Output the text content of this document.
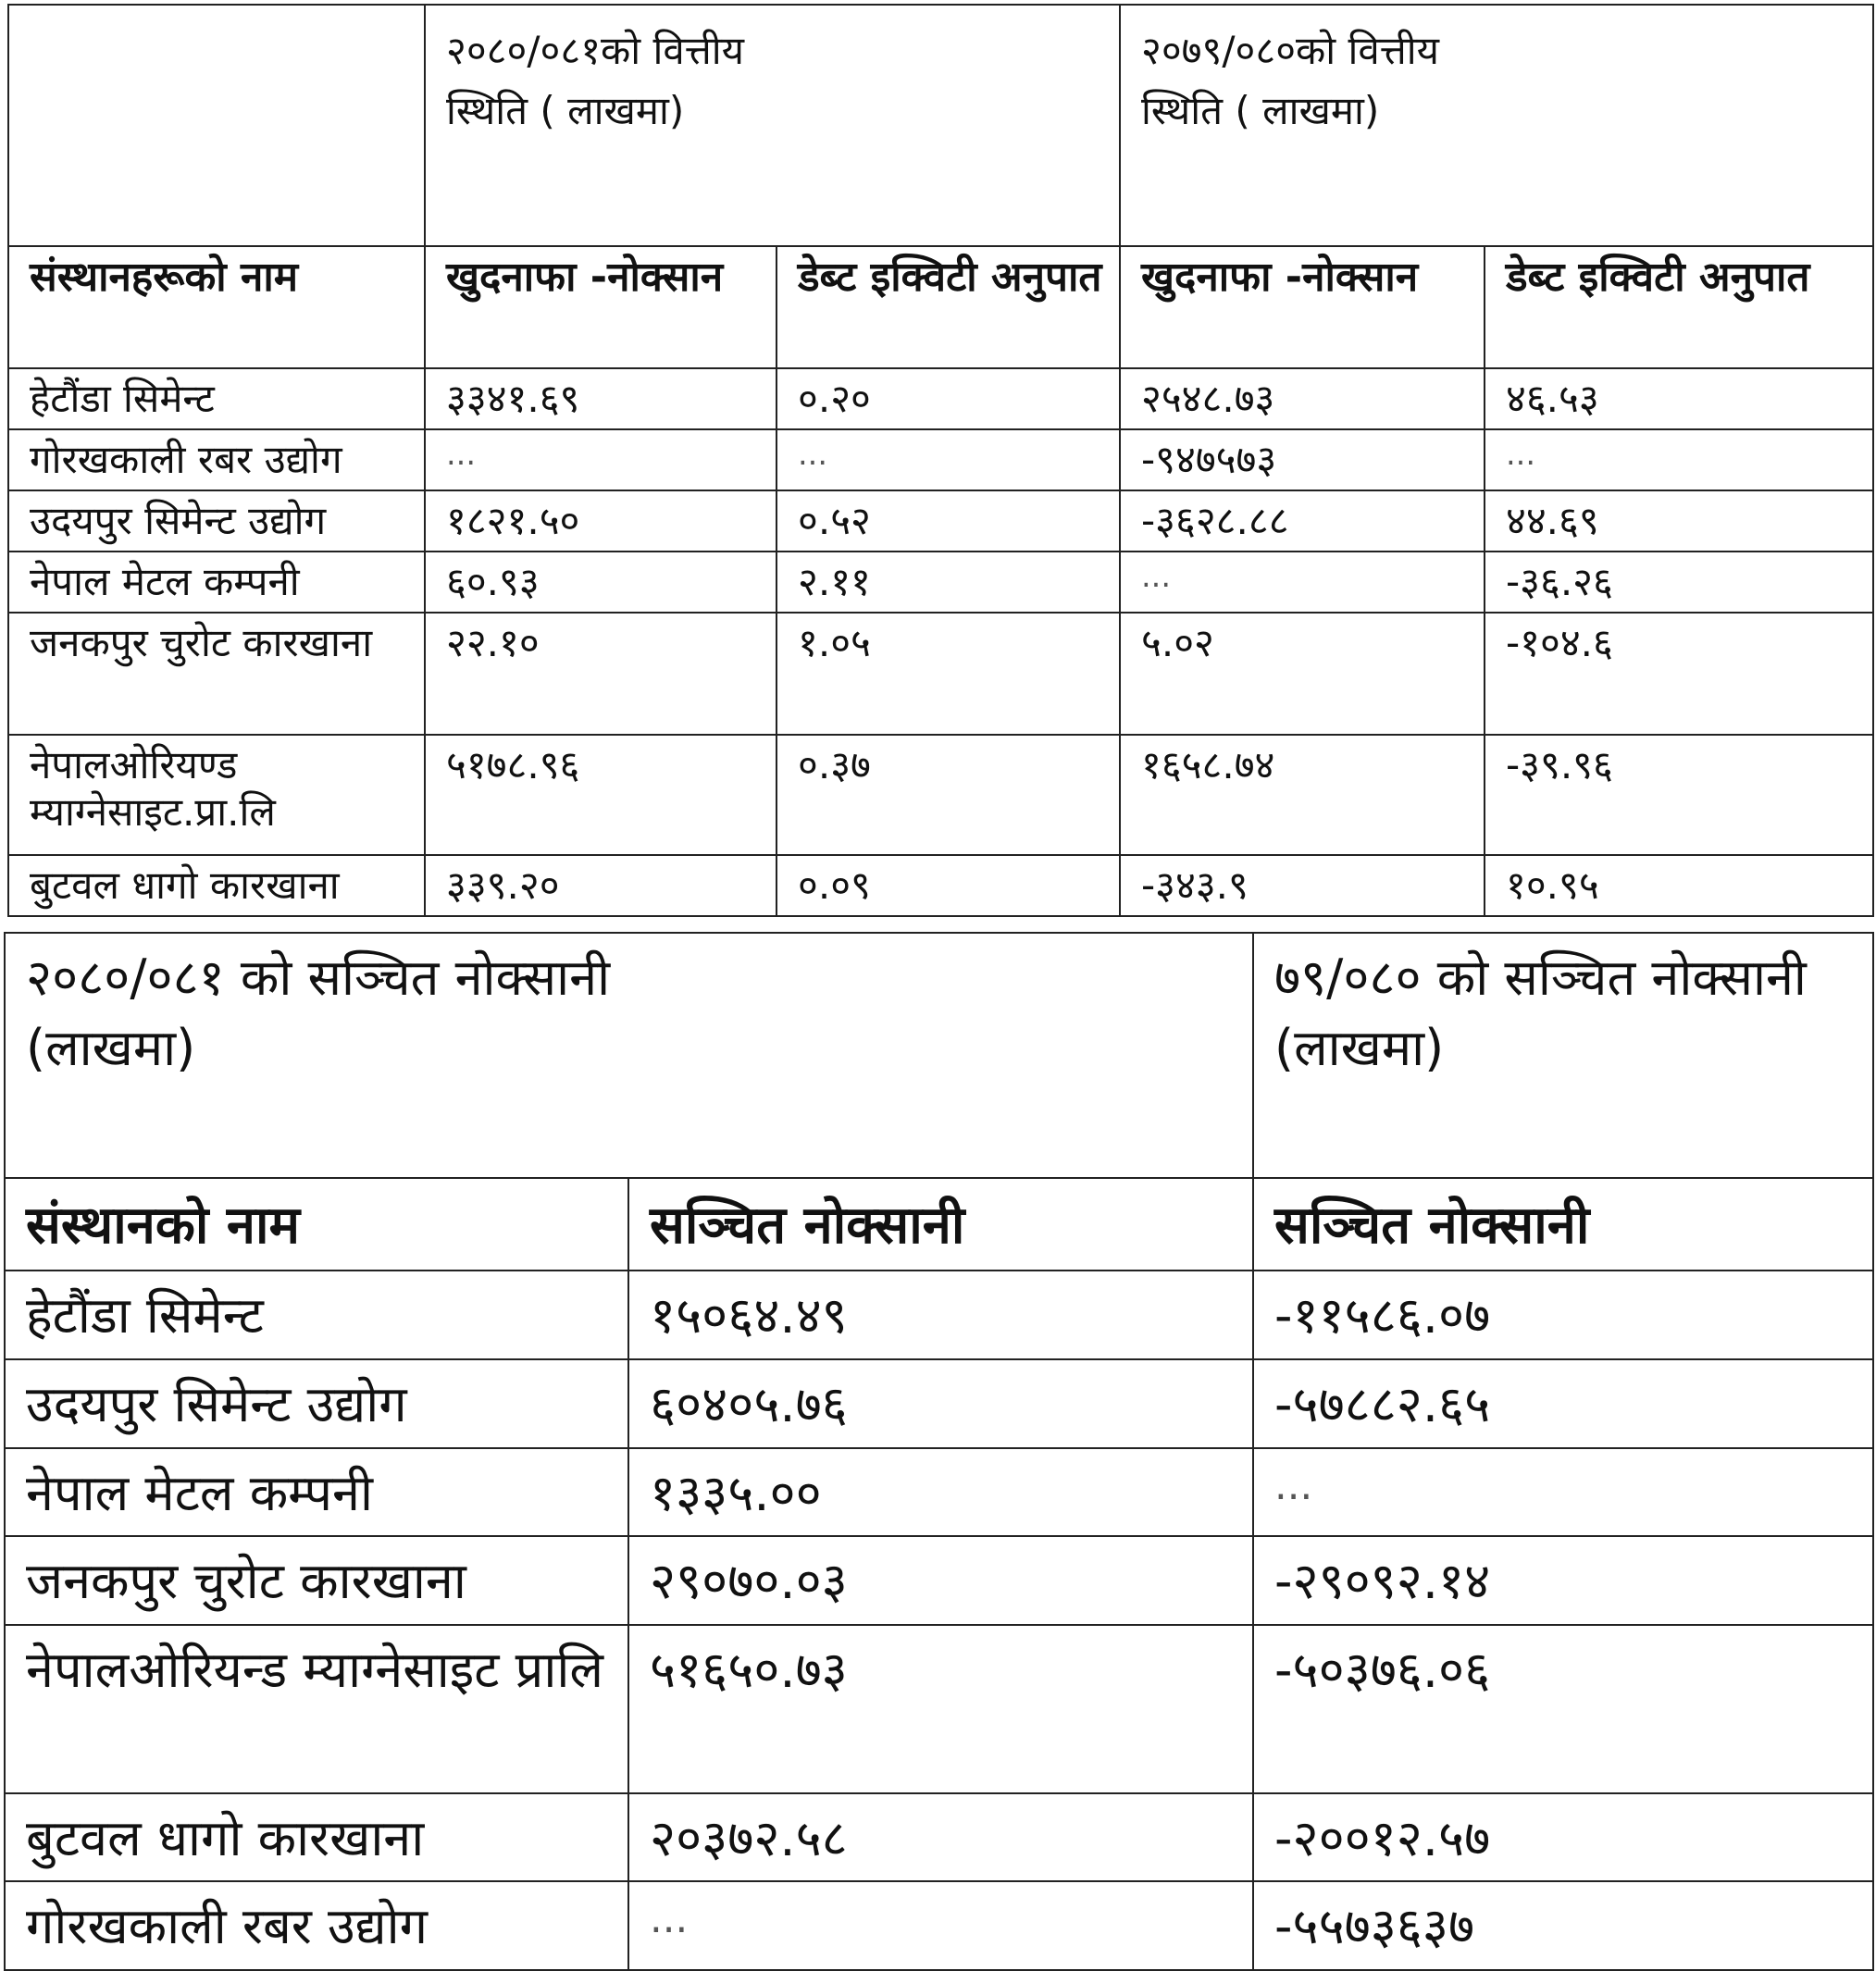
	२०८०/०८१को वित्तीय स्थिति ( लाखमा)		२०७९/०८०को वित्तीय स्थिति ( लाखमा)	

संस्थानहरूको नाम	खुदनाफा -नोक्सान	डेब्ट इक्विटी अनुपात	खुदनाफा -नोक्सान	डेब्ट इक्विटी अनुपात
हेटौंडा सिमेन्ट	३३४१.६९	०.२०	२५४८.७३	४६.५३
गोरखकाली रबर उद्योग	...	...	-९४७५७३	...
उदयपुर सिमेन्ट उद्योग	१८२१.५०	०.५२	-३६२८.८८	४४.६९
नेपाल मेटल कम्पनी	६०.९३	२.११	...	-३६.२६
जनकपुर चुरोट कारखाना	२२.१०	१.०५	५.०२	-१०४.६
नेपालओरियण्ड म्याग्नेसाइट.प्रा.लि	५१७८.९६	०.३७	१६५८.७४	-३९.९६
बुटवल धागो कारखाना	३३९.२०	०.०९	-३४३.९	१०.९५
२०८०/०८१ को सञ्चित नोक्सानी (लाखमा)		७९/०८० को सञ्चित नोक्सानी (लाखमा)

संस्थानको नाम	सञ्चित नोक्सानी	सञ्चित नोक्सानी
हेटौंडा सिमेन्ट	१५०६४.४९	-११५८६.०७
उदयपुर सिमेन्ट उद्योग	६०४०५.७६	-५७८८२.६५
नेपाल मेटल कम्पनी	१३३५.००	...
जनकपुर चुरोट कारखाना	२९०७०.०३	-२९०९२.१४
नेपालओरियन्ड म्याग्नेसाइट प्रालि	५१६५०.७३	-५०३७६.०६
बुटवल धागो कारखाना	२०३७२.५८	-२००१२.५७
गोरखकाली रबर उद्योग	...	-५५७३६३७
